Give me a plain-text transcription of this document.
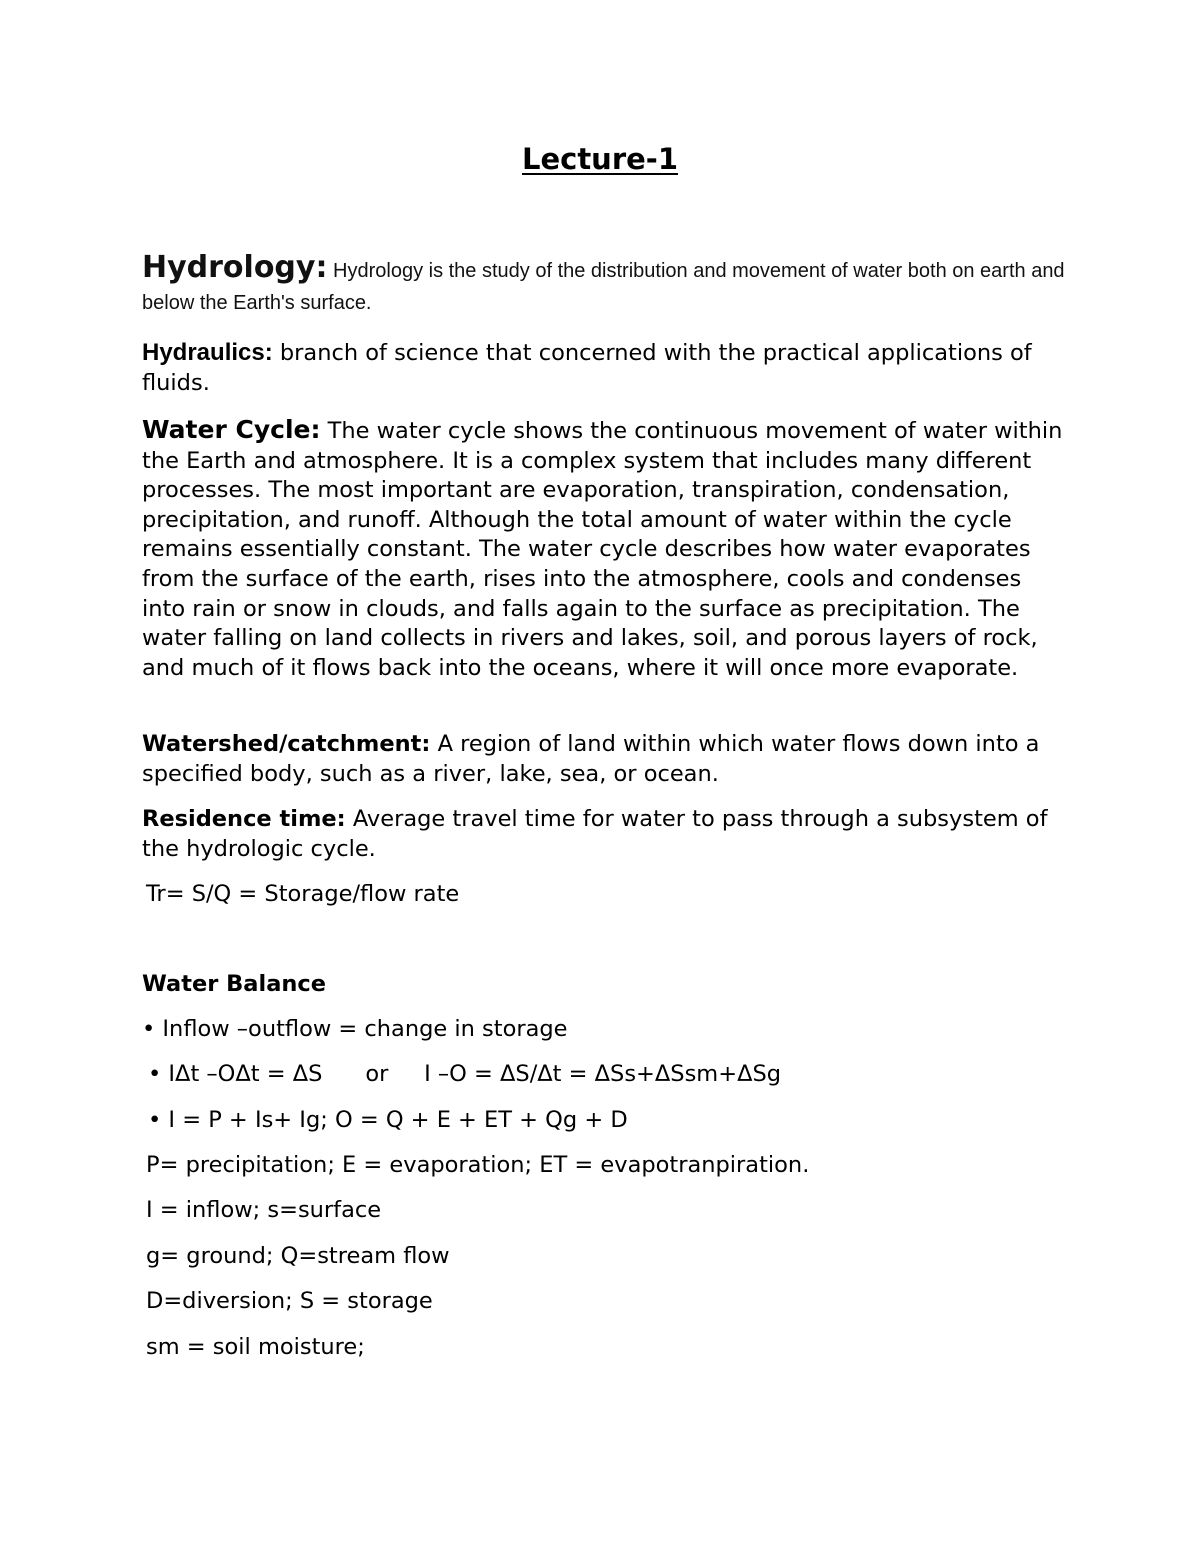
Lecture-1
Hydrology: Hydrology is the study of the distribution and movement of water both on earth and below the Earth's surface.
Hydraulics: branch of science that concerned with the practical applications of fluids.
Water Cycle: The water cycle shows the continuous movement of water within the Earth and atmosphere. It is a complex system that includes many different processes. The most important are evaporation, transpiration, condensation, precipitation, and runoff. Although the total amount of water within the cycle remains essentially constant. The water cycle describes how water evaporates from the surface of the earth, rises into the atmosphere, cools and condenses into rain or snow in clouds, and falls again to the surface as precipitation. The water falling on land collects in rivers and lakes, soil, and porous layers of rock, and much of it flows back into the oceans, where it will once more evaporate.
Watershed/catchment: A region of land within which water flows down into a specified body, such as a river, lake, sea, or ocean.
Residence time: Average travel time for water to pass through a subsystem of the hydrologic cycle.
Tr= S/Q = Storage/flow rate
Water Balance
• Inflow –outflow = change in storage
• IΔt –OΔt = ΔS      or     I –O = ΔS/Δt = ΔSs+ΔSsm+ΔSg
• I = P + Is+ Ig; O = Q + E + ET + Qg + D
P= precipitation; E = evaporation; ET = evapotranpiration.
I = inflow; s=surface
g= ground; Q=stream flow
D=diversion; S = storage
sm = soil moisture;
